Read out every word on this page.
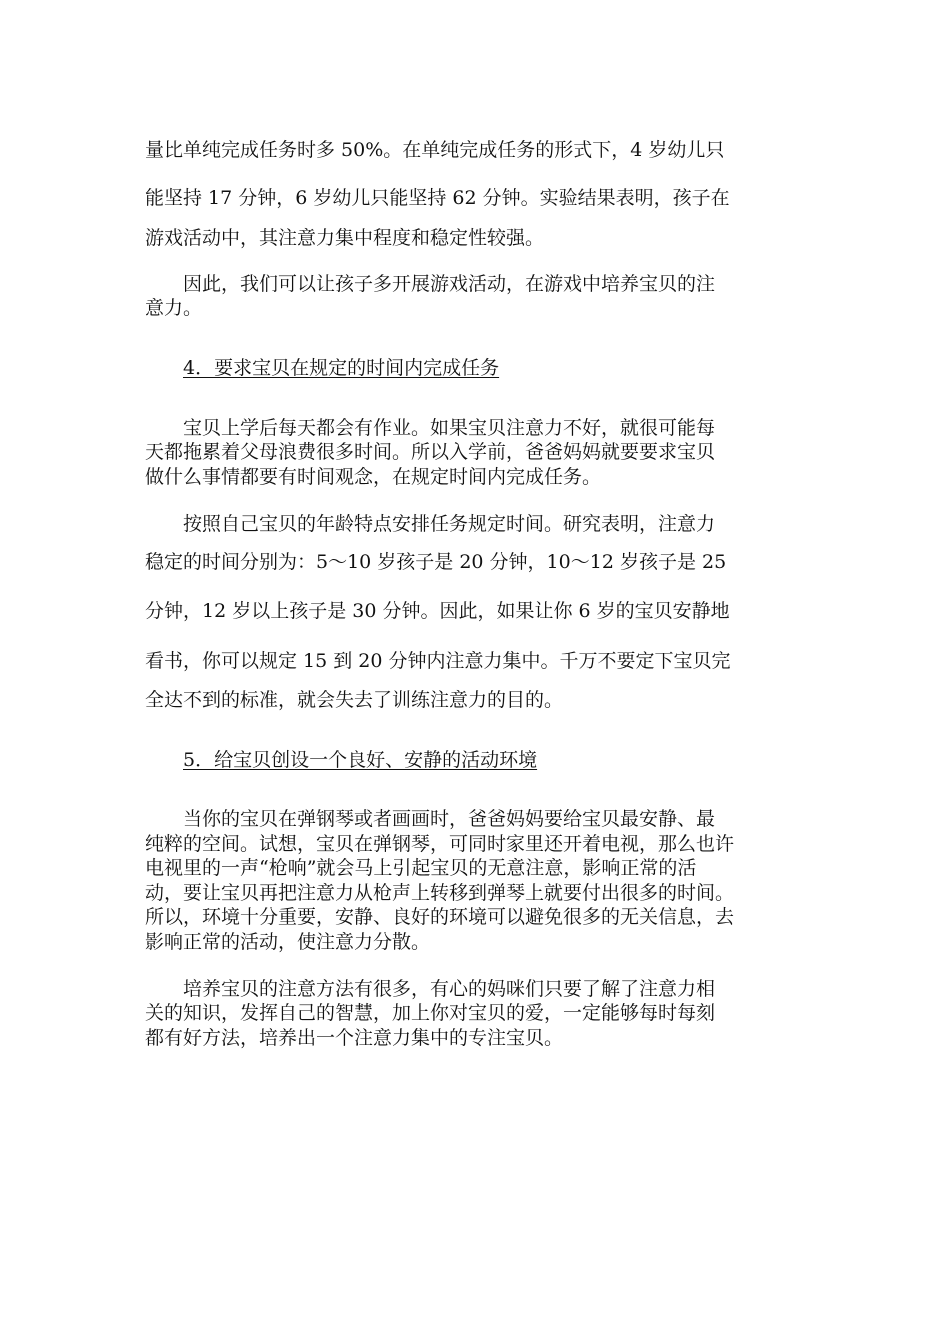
量比单纯完成任务时多 50%。在单纯完成任务的形式下，4 岁幼儿只
能坚持 17 分钟，6 岁幼儿只能坚持 62 分钟。实验结果表明，孩子在
游戏活动中，其注意力集中程度和稳定性较强。
因此，我们可以让孩子多开展游戏活动，在游戏中培养宝贝的注
意力。
4．要求宝贝在规定的时间内完成任务
宝贝上学后每天都会有作业。如果宝贝注意力不好，就很可能每
天都拖累着父母浪费很多时间。所以入学前，爸爸妈妈就要要求宝贝
做什么事情都要有时间观念，在规定时间内完成任务。
按照自己宝贝的年龄特点安排任务规定时间。研究表明，注意力
稳定的时间分别为：5～10 岁孩子是 20 分钟，10～12 岁孩子是 25
分钟，12 岁以上孩子是 30 分钟。因此，如果让你 6 岁的宝贝安静地
看书，你可以规定 15 到 20 分钟内注意力集中。千万不要定下宝贝完
全达不到的标准，就会失去了训练注意力的目的。
5．给宝贝创设一个良好、安静的活动环境
当你的宝贝在弹钢琴或者画画时，爸爸妈妈要给宝贝最安静、最
纯粹的空间。试想，宝贝在弹钢琴，可同时家里还开着电视，那么也许
电视里的一声“枪响”就会马上引起宝贝的无意注意，影响正常的活
动，要让宝贝再把注意力从枪声上转移到弹琴上就要付出很多的时间。
所以，环境十分重要，安静、良好的环境可以避免很多的无关信息，去
影响正常的活动，使注意力分散。
培养宝贝的注意方法有很多，有心的妈咪们只要了解了注意力相
关的知识，发挥自己的智慧，加上你对宝贝的爱，一定能够每时每刻
都有好方法，培养出一个注意力集中的专注宝贝。
